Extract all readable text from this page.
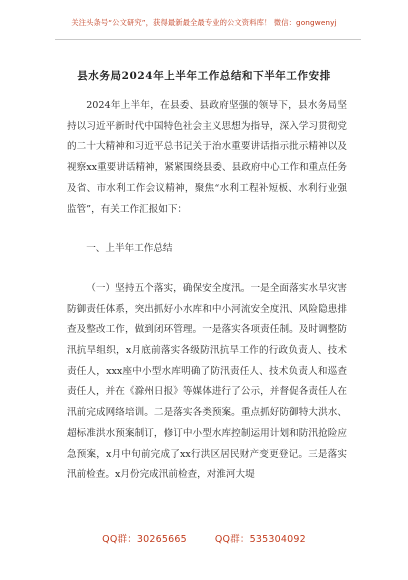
关注头条号“公文研究”，获得最新最全最专业的公文资料库！ 微信：gongwenyj
县水务局2024年上半年工作总结和下半年工作安排

2024年上半年，在县委、县政府坚强的领导下，县水务局坚持以习近平新时代中国特色社会主义思想为指导，深入学习贯彻党的二十大精神和习近平总书记关于治水重要讲话指示批示精神以及视察xx重要讲话精神，紧紧围绕县委、县政府中心工作和重点任务及省、市水利工作会议精神，聚焦“水利工程补短板、水利行业强监管”，有关工作汇报如下：

一、上半年工作总结

（一）坚持五个落实，确保安全度汛。一是全面落实水旱灾害防御责任体系，突出抓好小水库和中小河流安全度汛、风险隐患排查及整改工作，做到闭环管理。一是落实各项责任制。及时调整防汛抗旱组织，x月底前落实各级防汛抗旱工作的行政负责人、技术责任人，xxx座中小型水库明确了防汛责任人、技术负责人和巡查责任人，并在《滁州日报》等媒体进行了公示，并督促各责任人在汛前完成网络培训。二是落实各类预案。重点抓好防御特大洪水、超标准洪水预案制订，修订中小型水库控制运用计划和防汛抢险应急预案，x月中旬前完成了xx行洪区居民财产变更登记。三是落实汛前检查。x月份完成汛前检查，对淮河大堤

QQ群：30265665	QQ群：535304092
